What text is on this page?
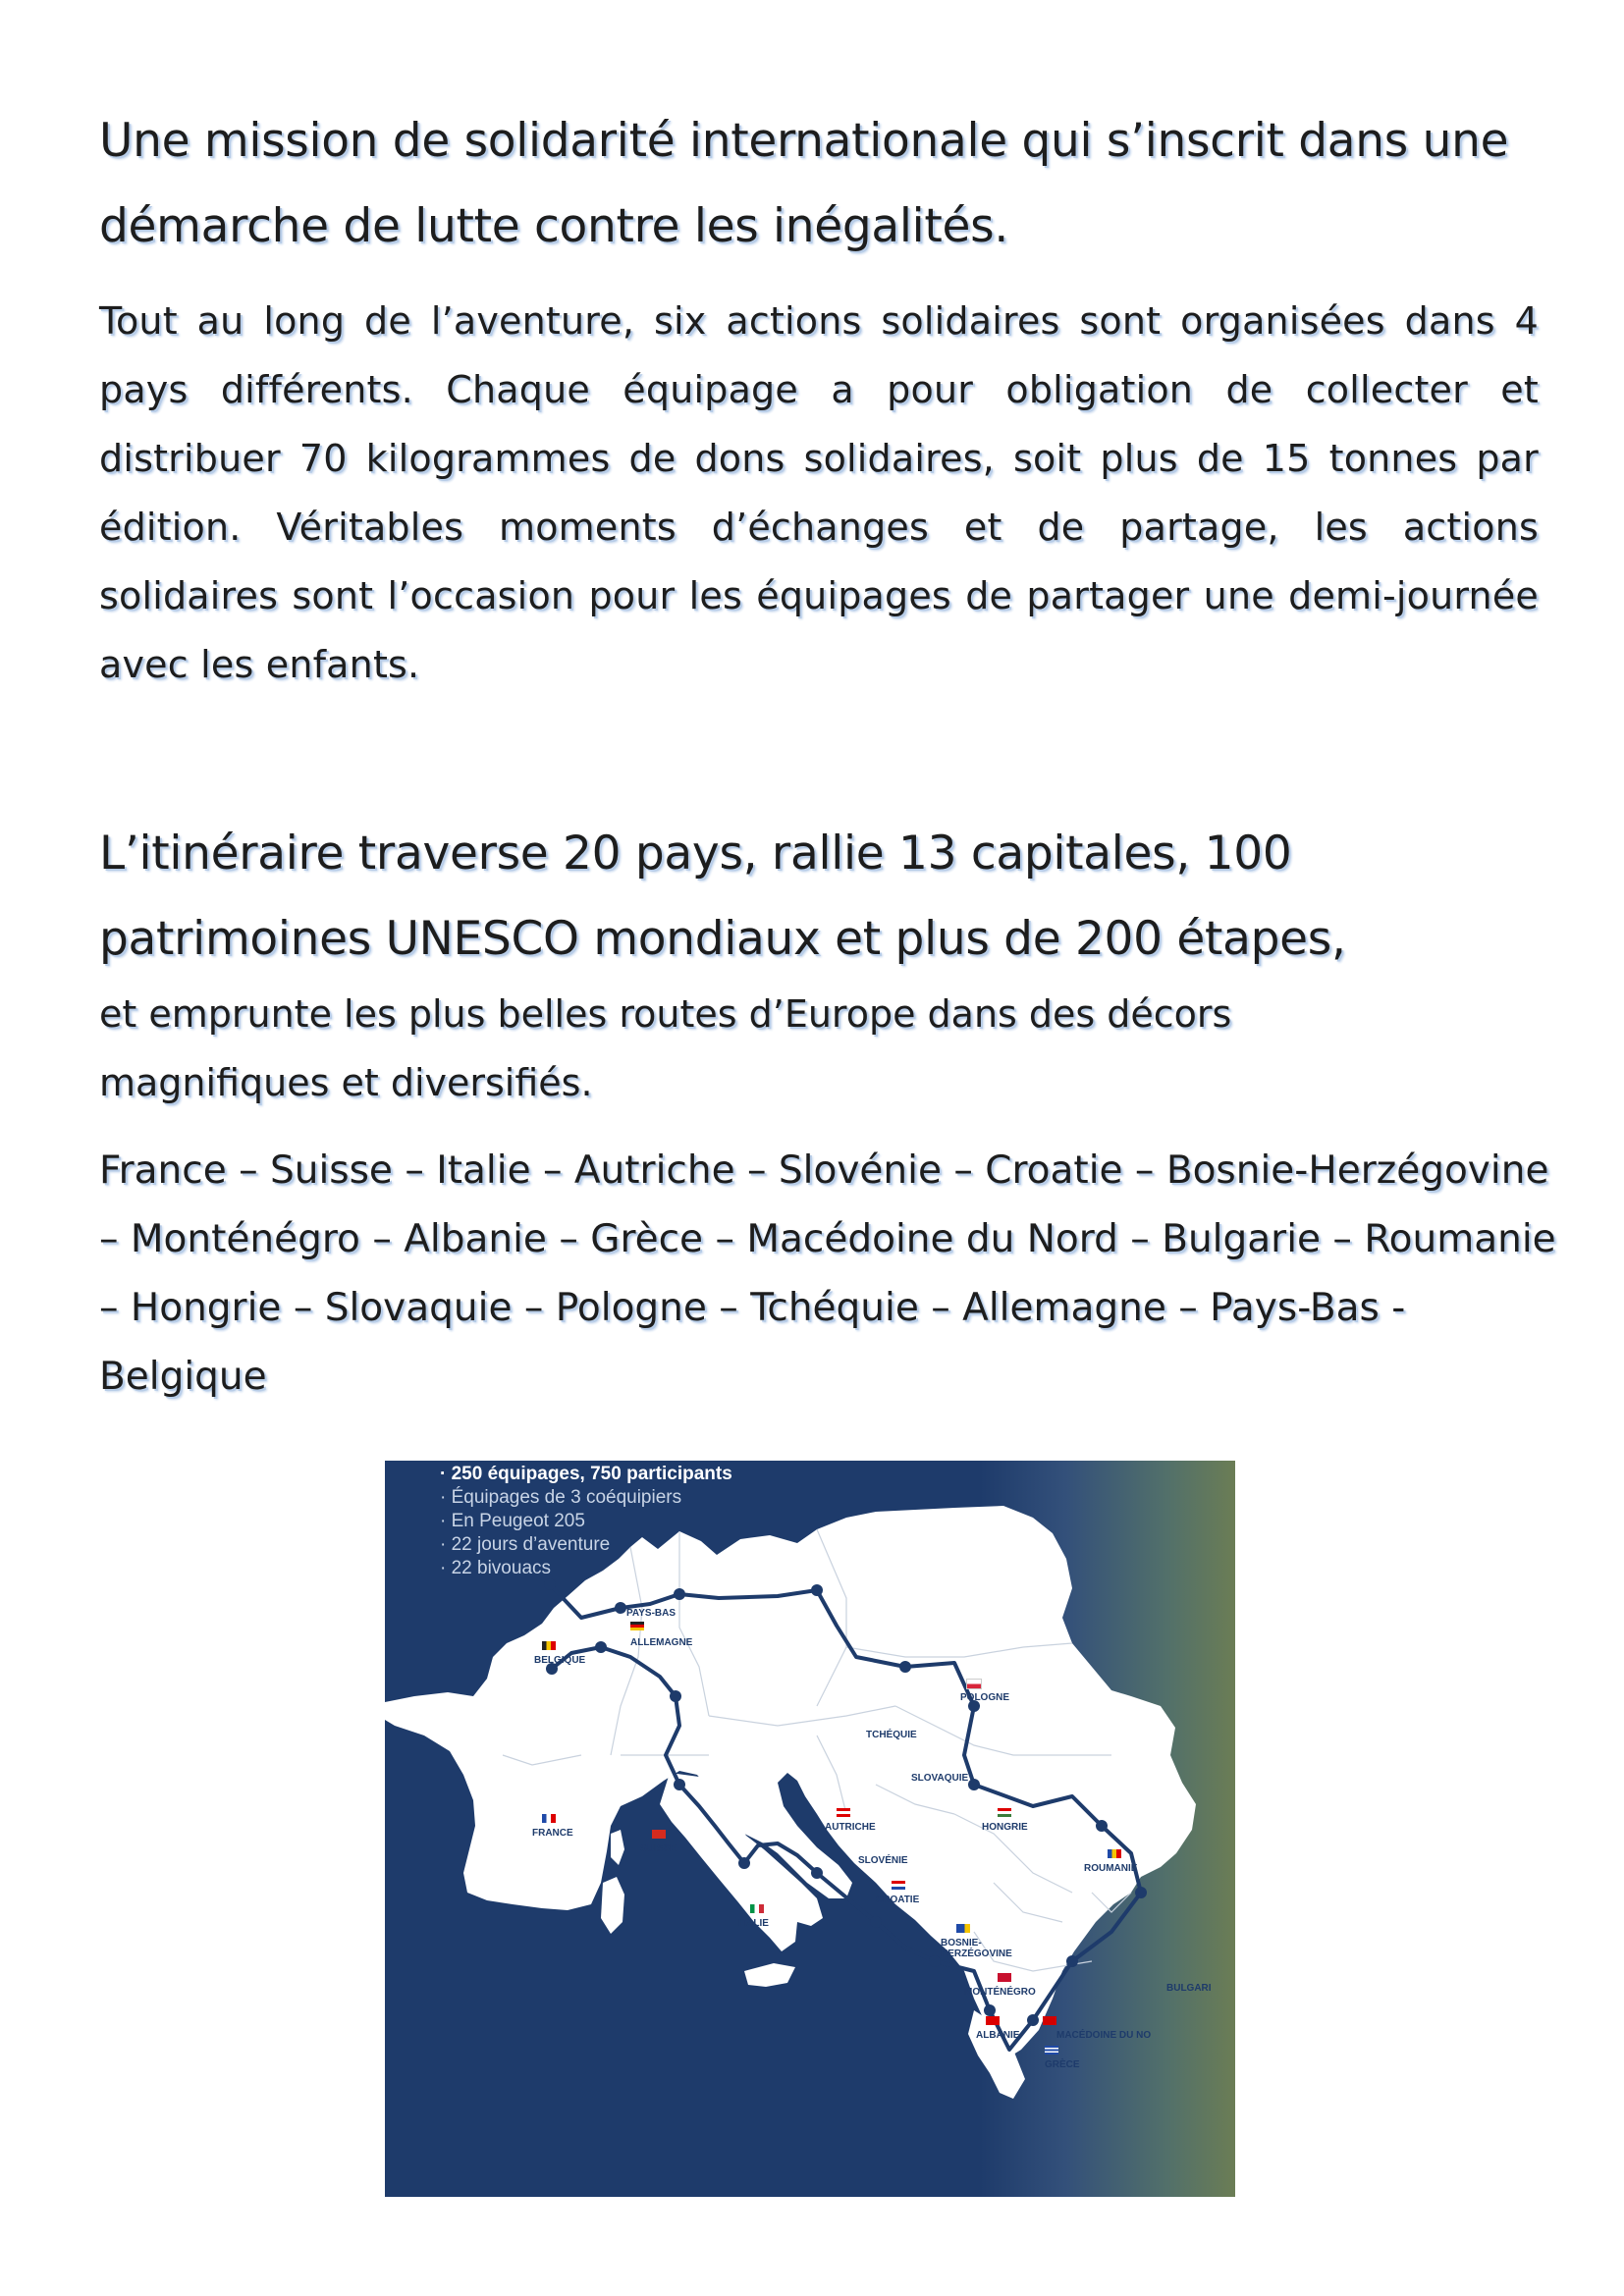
Une mission de solidarité internationale qui s’inscrit dans une démarche de lutte contre les inégalités.

Tout au long de l’aventure, six actions solidaires sont organisées dans 4 pays différents. Chaque équipage a pour obligation de collecter et distribuer 70 kilogrammes de dons solidaires, soit plus de 15 tonnes par édition. Véritables moments d’échanges et de partage, les actions solidaires sont l’occasion pour les équipages de partager une demi-journée avec les enfants.

L’itinéraire traverse 20 pays, rallie 13 capitales, 100 patrimoines UNESCO mondiaux et plus de 200 étapes,

et emprunte les plus belles routes d’Europe dans des décors magnifiques et diversifiés.

France – Suisse – Italie – Autriche – Slovénie – Croatie – Bosnie-Herzégovine – Monténégro – Albanie – Grèce – Macédoine du Nord – Bulgarie – Roumanie – Hongrie – Slovaquie – Pologne – Tchéquie – Allemagne – Pays-Bas - Belgique

· 250 équipages, 750 participants
· Équipages de 3 coéquipiers
· En Peugeot 205
· 22 jours d’aventure
· 22 bivouacs
ALLEMAGNE
PAYS-BAS
POLOGNE
BELGIQUE
TCHÉQUIE
SLOVAQUIE
HONGRIE
AUTRICHE
FRANCE
SUISSE
SLOVÉNIE
ROUMANIE
CROATIE
ITALIE
BOSNIE-HERZÉGOVINE
MONTÉNÉGRO	BULGARI
ALBANIE	MACÉDOINE DU NO
GRÈCE
